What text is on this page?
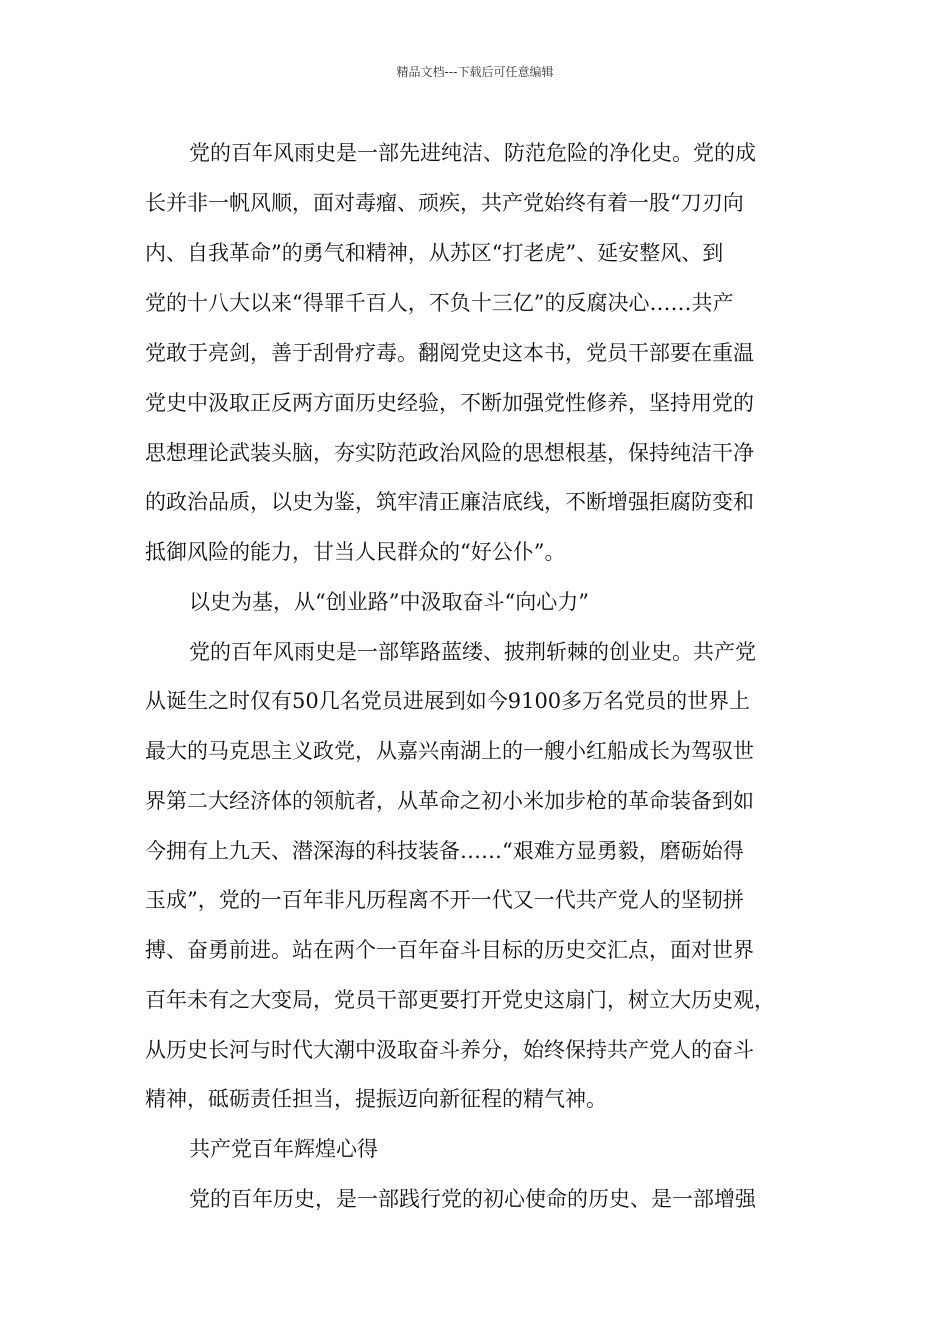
精品文档---下载后可任意编辑
党的百年风雨史是一部先进纯洁、防范危险的净化史。党的成
长并非一帆风顺，面对毒瘤、顽疾，共产党始终有着一股“刀刃向
内、自我革命”的勇气和精神，从苏区“打老虎”、延安整风、到
党的十八大以来“得罪千百人，不负十三亿”的反腐决心……共产
党敢于亮剑，善于刮骨疗毒。翻阅党史这本书，党员干部要在重温
党史中汲取正反两方面历史经验，不断加强党性修养，坚持用党的
思想理论武装头脑，夯实防范政治风险的思想根基，保持纯洁干净
的政治品质，以史为鉴，筑牢清正廉洁底线，不断增强拒腐防变和
抵御风险的能力，甘当人民群众的“好公仆”。
以史为基，从“创业路”中汲取奋斗“向心力”
党的百年风雨史是一部筚路蓝缕、披荆斩棘的创业史。共产党
从诞生之时仅有50几名党员进展到如今9100多万名党员的世界上
最大的马克思主义政党，从嘉兴南湖上的一艘小红船成长为驾驭世
界第二大经济体的领航者，从革命之初小米加步枪的革命装备到如
今拥有上九天、潜深海的科技装备……“艰难方显勇毅，磨砺始得
玉成”，党的一百年非凡历程离不开一代又一代共产党人的坚韧拼
搏、奋勇前进。站在两个一百年奋斗目标的历史交汇点，面对世界
百年未有之大变局，党员干部更要打开党史这扇门，树立大历史观，
从历史长河与时代大潮中汲取奋斗养分，始终保持共产党人的奋斗
精神，砥砺责任担当，提振迈向新征程的精气神。
共产党百年辉煌心得
党的百年历史，是一部践行党的初心使命的历史、是一部增强
